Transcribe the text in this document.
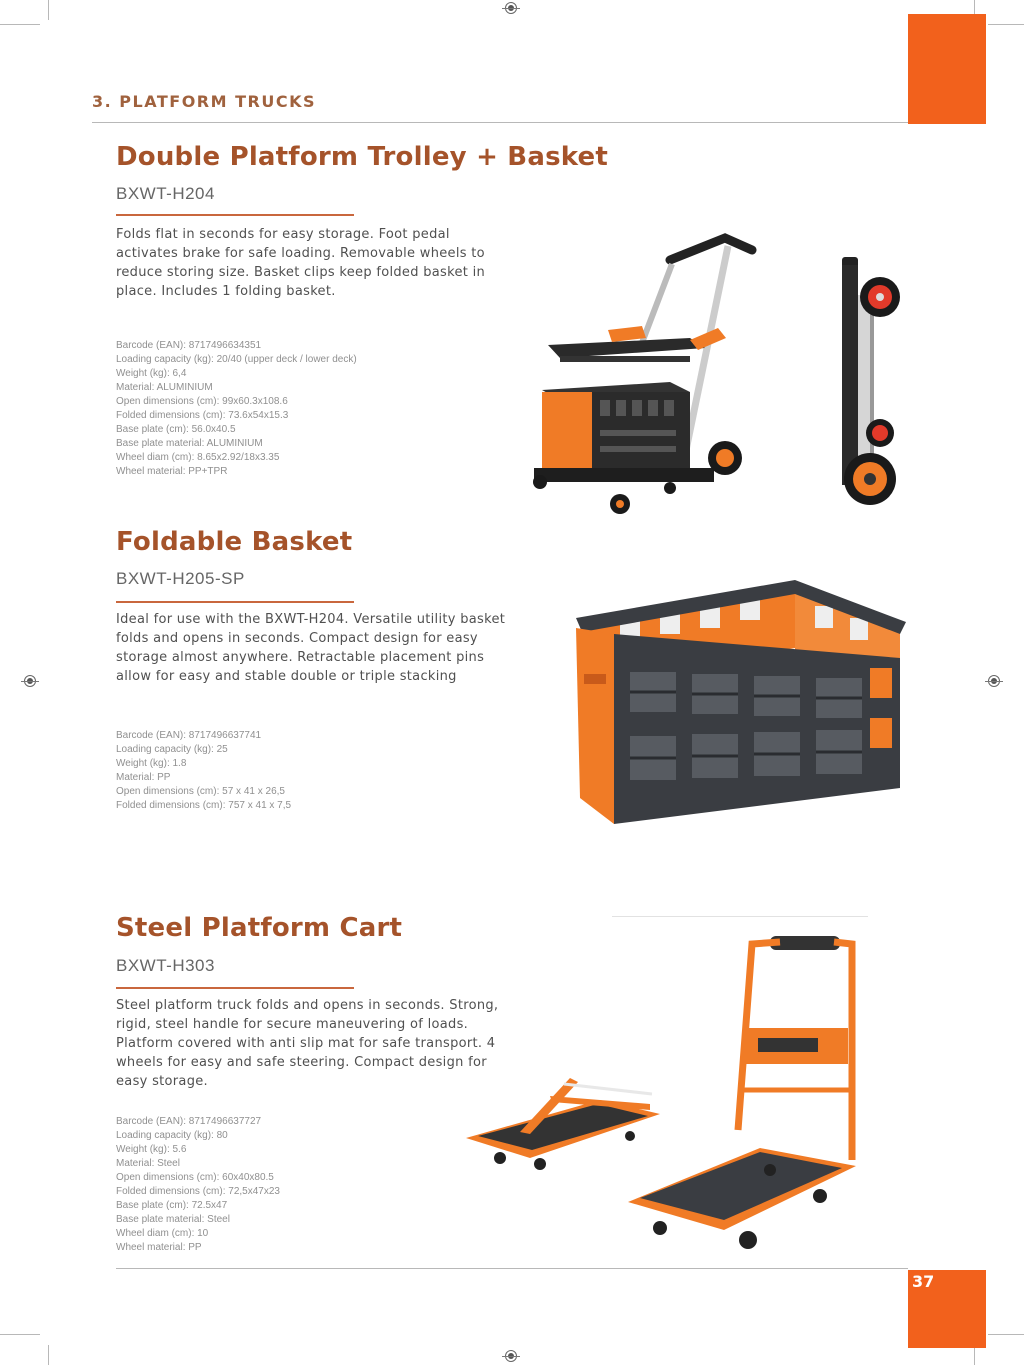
3. PLATFORM TRUCKS
Double Platform Trolley + Basket
BXWT-H204
Folds flat in seconds for easy storage. Foot pedal activates brake for safe loading. Removable wheels to reduce storing size. Basket clips keep folded basket in place. Includes 1 folding basket.
Barcode (EAN): 8717496634351
Loading capacity (kg): 20/40 (upper deck / lower deck)
Weight (kg): 6,4
Material: ALUMINIUM
Open dimensions (cm): 99x60.3x108.6
Folded dimensions (cm): 73.6x54x15.3
Base plate (cm): 56.0x40.5
Base plate material: ALUMINIUM
Wheel diam (cm): 8.65x2.92/18x3.35
Wheel material: PP+TPR
Foldable Basket
BXWT-H205-SP
Ideal for use with the BXWT-H204. Versatile utility basket folds and opens in seconds. Compact design for easy storage almost anywhere. Retractable placement pins allow for easy and stable double or triple stacking
Barcode (EAN): 8717496637741
Loading capacity (kg): 25
Weight (kg): 1.8
Material: PP
Open dimensions (cm): 57 x 41 x 26,5
Folded dimensions (cm): 757 x 41 x 7,5
Steel Platform Cart
BXWT-H303
Steel platform truck folds and opens in seconds. Strong, rigid, steel handle for secure maneuvering of loads. Platform covered with anti slip mat for safe transport. 4 wheels for easy and safe steering. Compact design for easy storage.
Barcode (EAN): 8717496637727
Loading capacity (kg): 80
Weight (kg): 5.6
Material: Steel
Open dimensions (cm): 60x40x80.5
Folded dimensions (cm): 72,5x47x23
Base plate (cm): 72.5x47
Base plate material: Steel
Wheel diam (cm): 10
Wheel material: PP
37
